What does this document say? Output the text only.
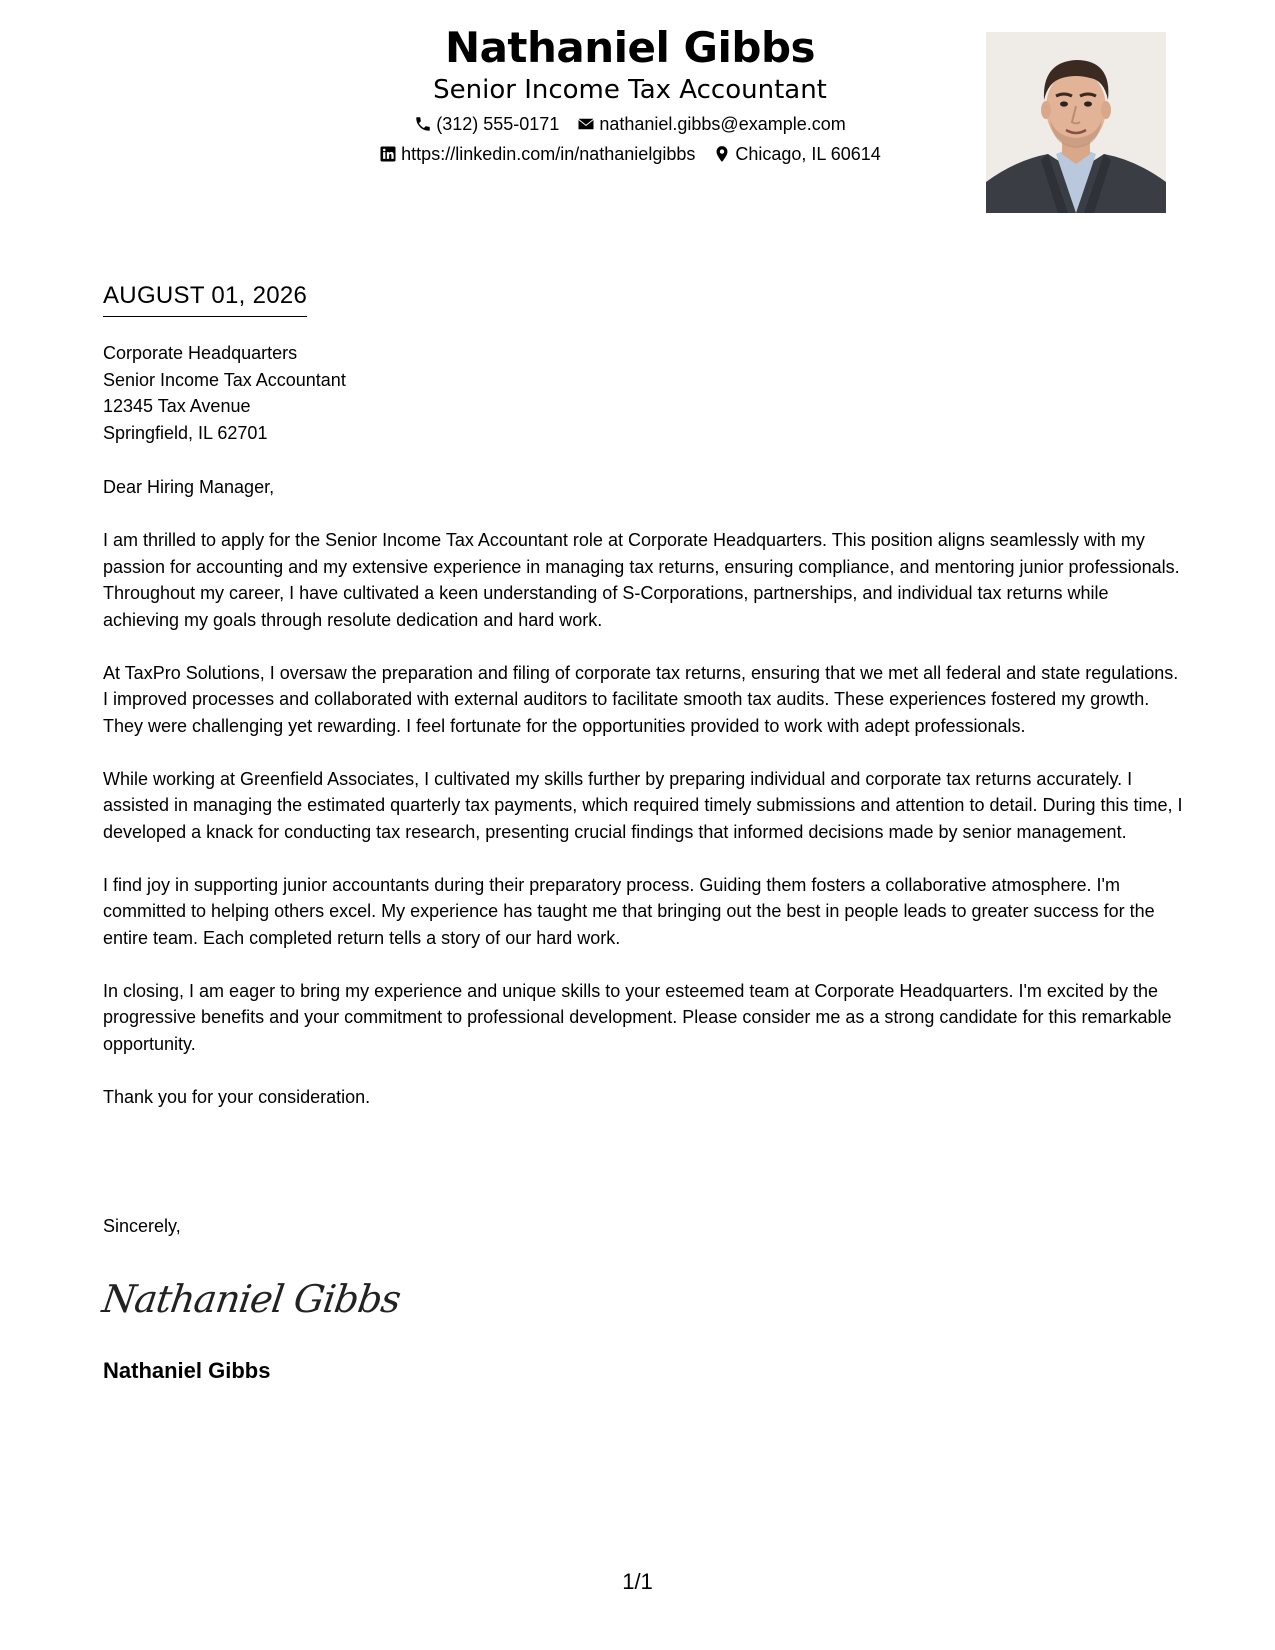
Nathaniel Gibbs
Senior Income Tax Accountant
(312) 555-0171 nathaniel.gibbs@example.com
https://linkedin.com/in/nathanielgibbs Chicago, IL 60614
AUGUST 01, 2026
Corporate Headquarters
Senior Income Tax Accountant
12345 Tax Avenue
Springfield, IL 62701

Dear Hiring Manager,

I am thrilled to apply for the Senior Income Tax Accountant role at Corporate Headquarters. This position aligns seamlessly with my passion for accounting and my extensive experience in managing tax returns, ensuring compliance, and mentoring junior professionals. Throughout my career, I have cultivated a keen understanding of S-Corporations, partnerships, and individual tax returns while achieving my goals through resolute dedication and hard work.

At TaxPro Solutions, I oversaw the preparation and filing of corporate tax returns, ensuring that we met all federal and state regulations. I improved processes and collaborated with external auditors to facilitate smooth tax audits. These experiences fostered my growth. They were challenging yet rewarding. I feel fortunate for the opportunities provided to work with adept professionals.

While working at Greenfield Associates, I cultivated my skills further by preparing individual and corporate tax returns accurately. I assisted in managing the estimated quarterly tax payments, which required timely submissions and attention to detail. During this time, I developed a knack for conducting tax research, presenting crucial findings that informed decisions made by senior management.

I find joy in supporting junior accountants during their preparatory process. Guiding them fosters a collaborative atmosphere. I'm committed to helping others excel. My experience has taught me that bringing out the best in people leads to greater success for the entire team. Each completed return tells a story of our hard work.

In closing, I am eager to bring my experience and unique skills to your esteemed team at Corporate Headquarters. I'm excited by the progressive benefits and your commitment to professional development. Please consider me as a strong candidate for this remarkable opportunity.

Thank you for your consideration.

Sincerely,
Nathaniel Gibbs
Nathaniel Gibbs
1/1
